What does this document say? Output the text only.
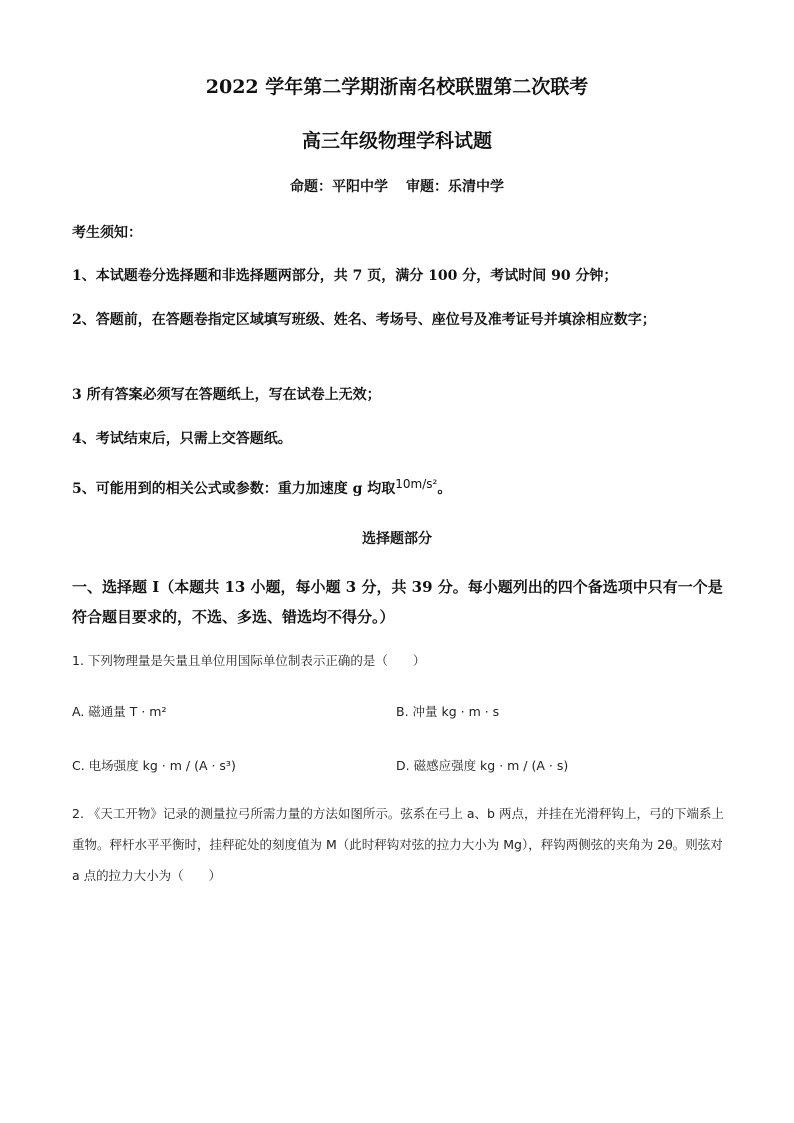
2022 学年第二学期浙南名校联盟第二次联考
高三年级物理学科试题
命题：平阳中学 审题：乐清中学
考生须知：
1、本试题卷分选择题和非选择题两部分，共 7 页，满分 100 分，考试时间 90 分钟；
2、答题前，在答题卷指定区域填写班级、姓名、考场号、座位号及准考证号并填涂相应数字；
3 所有答案必须写在答题纸上，写在试卷上无效；
4、考试结束后，只需上交答题纸。
5、可能用到的相关公式或参数：重力加速度 g 均取10m/s²。
选择题部分
一、选择题 I（本题共 13 小题，每小题 3 分，共 39 分。每小题列出的四个备选项中只有一个是符合题目要求的，不选、多选、错选均不得分。）
1. 下列物理量是矢量且单位用国际单位制表示正确的是（　　）
A. 磁通量 T · m²	B. 冲量 kg · m · s
C. 电场强度 kg · m / (A · s³)	D. 磁感应强度 kg · m / (A · s)
2. 《天工开物》记录的测量拉弓所需力量的方法如图所示。弦系在弓上 a、b 两点，并挂在光滑秤钩上，弓的下端系上重物。秤杆水平平衡时，挂秤砣处的刻度值为 M（此时秤钩对弦的拉力大小为 Mg），秤钩两侧弦的夹角为 2θ。则弦对 a 点的拉力大小为（　　）
